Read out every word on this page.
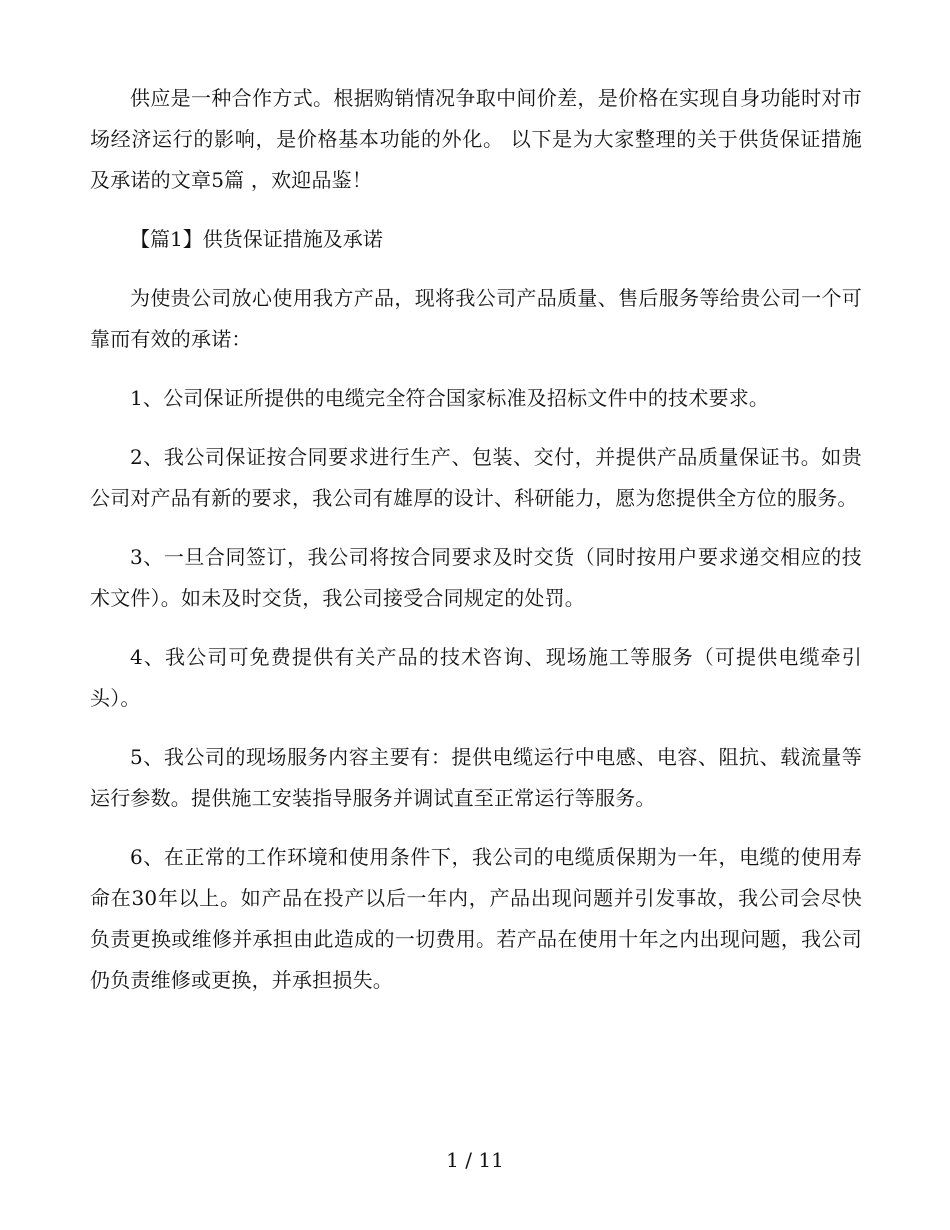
供应是一种合作方式。根据购销情况争取中间价差，是价格在实现自身功能时对市场经济运行的影响，是价格基本功能的外化。 以下是为大家整理的关于供货保证措施及承诺的文章5篇 ，欢迎品鉴！

【篇1】供货保证措施及承诺

为使贵公司放心使用我方产品，现将我公司产品质量、售后服务等给贵公司一个可靠而有效的承诺：

1、公司保证所提供的电缆完全符合国家标准及招标文件中的技术要求。

2、我公司保证按合同要求进行生产、包装、交付，并提供产品质量保证书。如贵公司对产品有新的要求，我公司有雄厚的设计、科研能力，愿为您提供全方位的服务。

3、一旦合同签订，我公司将按合同要求及时交货（同时按用户要求递交相应的技术文件）。如未及时交货，我公司接受合同规定的处罚。

4、我公司可免费提供有关产品的技术咨询、现场施工等服务（可提供电缆牵引头）。

5、我公司的现场服务内容主要有：提供电缆运行中电感、电容、阻抗、载流量等运行参数。提供施工安装指导服务并调试直至正常运行等服务。

6、在正常的工作环境和使用条件下，我公司的电缆质保期为一年，电缆的使用寿命在30年以上。如产品在投产以后一年内，产品出现问题并引发事故，我公司会尽快负责更换或维修并承担由此造成的一切费用。若产品在使用十年之内出现问题，我公司仍负责维修或更换，并承担损失。

1 / 11
